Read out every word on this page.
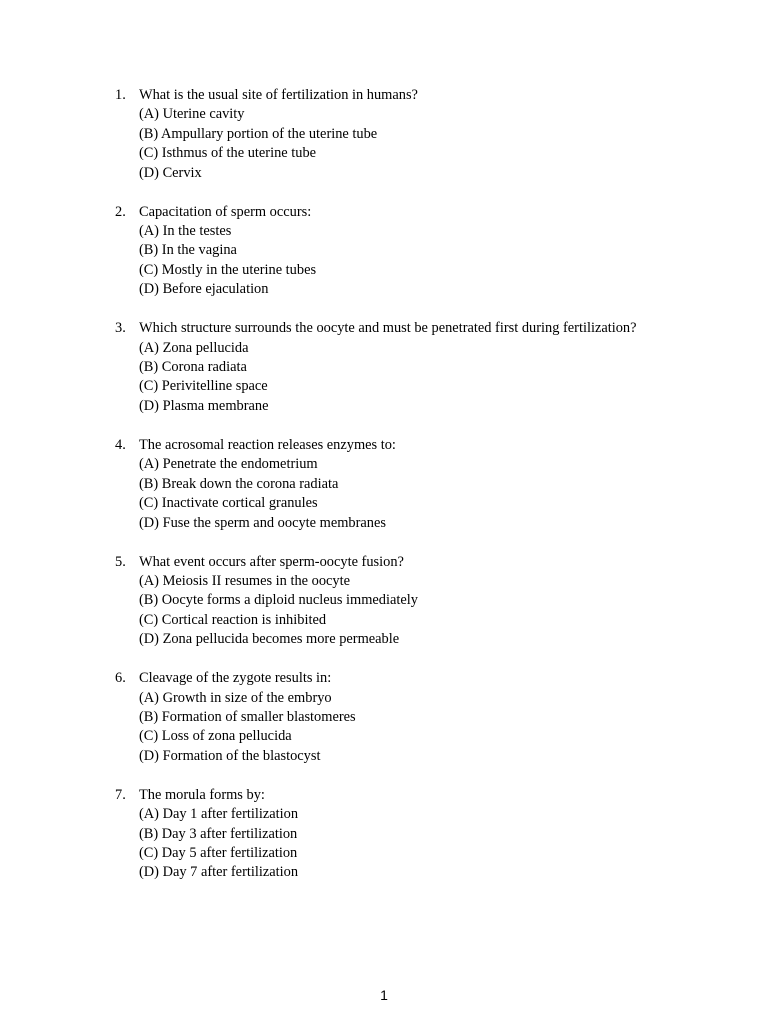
1. What is the usual site of fertilization in humans?
(A) Uterine cavity
(B) Ampullary portion of the uterine tube
(C) Isthmus of the uterine tube
(D) Cervix
2. Capacitation of sperm occurs:
(A) In the testes
(B) In the vagina
(C) Mostly in the uterine tubes
(D) Before ejaculation
3. Which structure surrounds the oocyte and must be penetrated first during fertilization?
(A) Zona pellucida
(B) Corona radiata
(C) Perivitelline space
(D) Plasma membrane
4. The acrosomal reaction releases enzymes to:
(A) Penetrate the endometrium
(B) Break down the corona radiata
(C) Inactivate cortical granules
(D) Fuse the sperm and oocyte membranes
5. What event occurs after sperm-oocyte fusion?
(A) Meiosis II resumes in the oocyte
(B) Oocyte forms a diploid nucleus immediately
(C) Cortical reaction is inhibited
(D) Zona pellucida becomes more permeable
6. Cleavage of the zygote results in:
(A) Growth in size of the embryo
(B) Formation of smaller blastomeres
(C) Loss of zona pellucida
(D) Formation of the blastocyst
7. The morula forms by:
(A) Day 1 after fertilization
(B) Day 3 after fertilization
(C) Day 5 after fertilization
(D) Day 7 after fertilization
1
